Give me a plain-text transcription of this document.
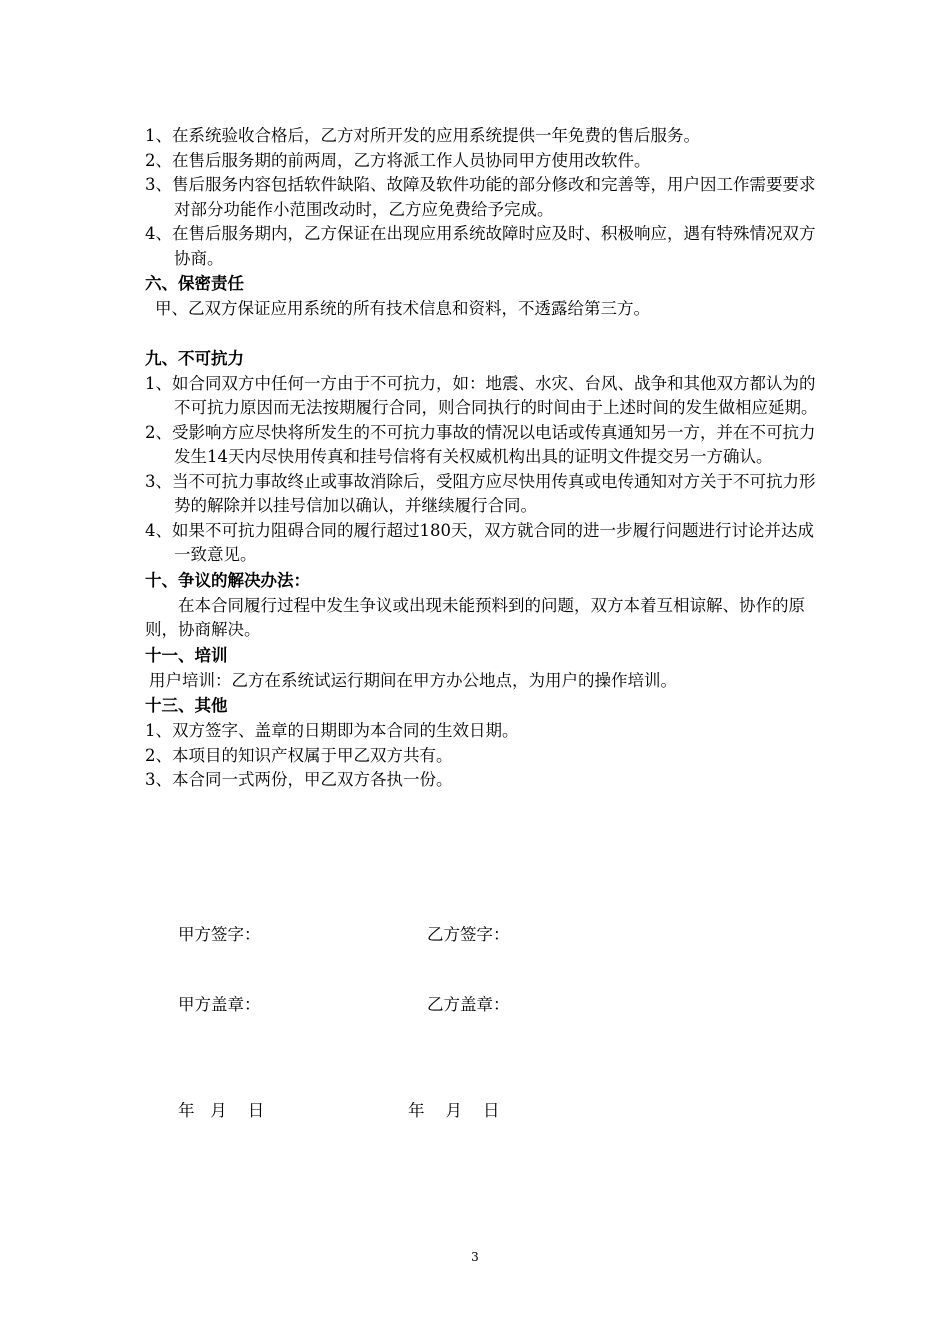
1、在系统验收合格后，乙方对所开发的应用系统提供一年免费的售后服务。
2、在售后服务期的前两周，乙方将派工作人员协同甲方使用改软件。
3、售后服务内容包括软件缺陷、故障及软件功能的部分修改和完善等，用户因工作需要要求对部分功能作小范围改动时，乙方应免费给予完成。
4、在售后服务期内，乙方保证在出现应用系统故障时应及时、积极响应，遇有特殊情况双方协商。
六、保密责任
甲、乙双方保证应用系统的所有技术信息和资料，不透露给第三方。
九、不可抗力
1、如合同双方中任何一方由于不可抗力，如：地震、水灾、台风、战争和其他双方都认为的不可抗力原因而无法按期履行合同，则合同执行的时间由于上述时间的发生做相应延期。
2、受影响方应尽快将所发生的不可抗力事故的情况以电话或传真通知另一方，并在不可抗力发生14天内尽快用传真和挂号信将有关权威机构出具的证明文件提交另一方确认。
3、当不可抗力事故终止或事故消除后，受阻方应尽快用传真或电传通知对方关于不可抗力形势的解除并以挂号信加以确认，并继续履行合同。
4、如果不可抗力阻碍合同的履行超过180天，双方就合同的进一步履行问题进行讨论并达成一致意见。
十、争议的解决办法：
在本合同履行过程中发生争议或出现未能预料到的问题，双方本着互相谅解、协作的原则，协商解决。
十一、培训
用户培训：乙方在系统试运行期间在甲方办公地点，为用户的操作培训。
十三、其他
1、双方签字、盖章的日期即为本合同的生效日期。
2、本项目的知识产权属于甲乙双方共有。
3、本合同一式两份，甲乙双方各执一份。
甲方签字：	乙方签字：
甲方盖章：	乙方盖章：
年   月    日	年    月    日
3
